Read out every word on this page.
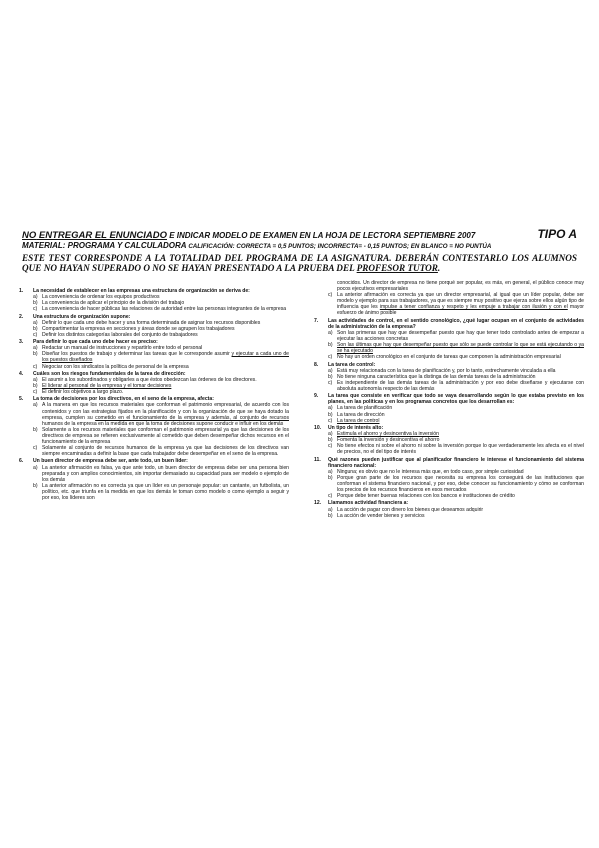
NO ENTREGAR EL ENUNCIADO E INDICAR MODELO DE EXAMEN EN LA HOJA DE LECTORA SEPTIEMBRE 2007	TIPO A
MATERIAL: PROGRAMA Y CALCULADORA CALIFICACIÓN: CORRECTA = 0,5 PUNTOS; INCORRECTA= - 0,15 PUNTOS; EN BLANCO = NO PUNTÚA
ESTE TEST CORRESPONDE A LA TOTALIDAD DEL PROGRAMA DE LA ASIGNATURA. DEBERÁN CONTESTARLO LOS ALUMNOS QUE NO HAYAN SUPERADO O NO SE HAYAN PRESENTADO A LA PRUEBA DEL PROFESOR TUTOR.
1.	La necesidad de establecer en las empresas una estructura de organización se deriva de:
a) La conveniencia de ordenar los equipos productivos
b) La conveniencia de aplicar el principio de la división del trabajo
c) La conveniencia de hacer públicas las relaciones de autoridad entre las personas integrantes de la empresa
2.	Una estructura de organización supone:
a) Definir lo que cada uno debe hacer y una forma determinada de asignar los recursos disponibles
b) Compartimentar la empresa en secciones y áreas donde se agrupen los trabajadores
c) Definir los distintos categorías laborales del conjunto de trabajadores
3.	Para definir lo que cada uno debe hacer es preciso:
a) Redactar un manual de instrucciones y repartirlo entre todo el personal
b) Diseñar los puestos de trabajo y determinar las tareas que le corresponde asumir y ejecutar a cada uno de los puestos diseñados
c) Negociar con los sindicatos la política de personal de la empresa
4.	Cuáles son los riesgos fundamentales de la tarea de dirección:
a) El asumir a los subordinados y obligarles a que éstos obedezcan las órdenes de los directores.
b) El liderar al personal de la empresa y el tomar decisiones
c) El definir los objetivos a largo plazo.
5.	La toma de decisiones por los directivos, en el seno de la empresa, afecta:
a) A la manera en que los recursos materiales que conforman el patrimonio empresarial, de acuerdo con los contenidos y con las estrategias fijados en la planificación y con la organización de que se haya dotado la empresa, cumplen su cometido en el funcionamiento de la empresa y además, al conjunto de recursos humanos de la empresa en la medida en que la toma de decisiones supone conducir e influir en los demás
b) Solamente a los recursos materiales que conforman el patrimonio empresarial ya que las decisiones de los directivos de empresa se refieren exclusivamente al cometido que deben desempeñar dichos recursos en el funcionamiento de la empresa
c) Solamente al conjunto de recursos humanos de la empresa ya que las decisiones de los directivos van siempre encaminadas a definir la base que cada trabajador debe desempeñar en el seno de la empresa.
6.	Un buen director de empresa debe ser, ante todo, un buen líder:
a) La anterior afirmación es falsa, ya que ante todo, un buen director de empresa debe ser una persona bien preparada y con amplios conocimientos, sin importar demasiado su capacidad para ser modelo o ejemplo de los demás
b) La anterior afirmación no es correcta ya que un líder es un personaje popular: un cantante, un futbolista, un político, etc. que triunfa en la medida en que los demás le toman como modelo o como ejemplo a seguir y por eso, los líderes son
conocidos. Un director de empresa no tiene porqué ser popular, es más, en general, el público conoce muy pocos ejecutivos empresariales
c) La anterior afirmación es correcta ya que un director empresarial, al igual que un líder popular, debe ser modelo y ejemplo para sus trabajadores, ya que es siempre muy positivo que ejerza sobre ellos algún tipo de influencia que les impulse a tener confianza y respeto y les empuje a trabajar con ilusión y con el mayor esfuerzo de ánimo posible
7.	Las actividades de control, en el sentido cronológico, ¿qué lugar ocupan en el conjunto de actividades de la administración de la empresa?
a) Son las primeras que hay que desempeñar puesto que hay que tener todo controlado antes de empezar a ejecutar las acciones concretas
b) Son las últimas que hay que desempeñar puesto que sólo se puede controlar lo que se está ejecutando o ya se ha ejecutado
c) No hay un orden cronológico en el conjunto de tareas que componen la administración empresarial
8.	La tarea de control:
a) Está muy relacionada con la tarea de planificación y, por lo tanto, estrechamente vinculada a ella
b) No tiene ninguna característica que la distinga de las demás tareas de la administración
c) Es independiente de las demás tareas de la administración y por eso debe diseñarse y ejecutarse con absoluta autonomía respecto de las demás
9.	La tarea que consiste en verificar que todo se vaya desarrollando según lo que estaba previsto en los planes, en las políticas y en los programas concretos que los desarrollan es:
a) La tarea de planificación
b) La tarea de dirección
c) La tarea de control
10.	Un tipo de interés alto:
a) Estimula el ahorro y desincentiva la inversión
b) Fomenta la inversión y desincentiva el ahorro
c) No tiene efectos ni sobre el ahorro ni sobre la inversión porque lo que verdaderamente les afecta es el nivel de precios, no el del tipo de interés
11.	Qué razones pueden justificar que al planificador financiero le interese el funcionamiento del sistema financiero nacional:
a) Ninguna; es obvio que no le interesa más que, en todo caso, por simple curiosidad
b) Porque gran parte de los recursos que necesita su empresa los conseguirá de las instituciones que conforman el sistema financiero nacional, y por eso, debe conocer su funcionamiento y cómo se conforman los precios de los recursos financieros en esos mercados
c) Porque debe tener buenas relaciones con los bancos e instituciones de crédito
12.	Llamamos actividad financiera a:
a) La acción de pagar con dinero los bienes que deseamos adquirir
b) La acción de vender bienes y servicios
